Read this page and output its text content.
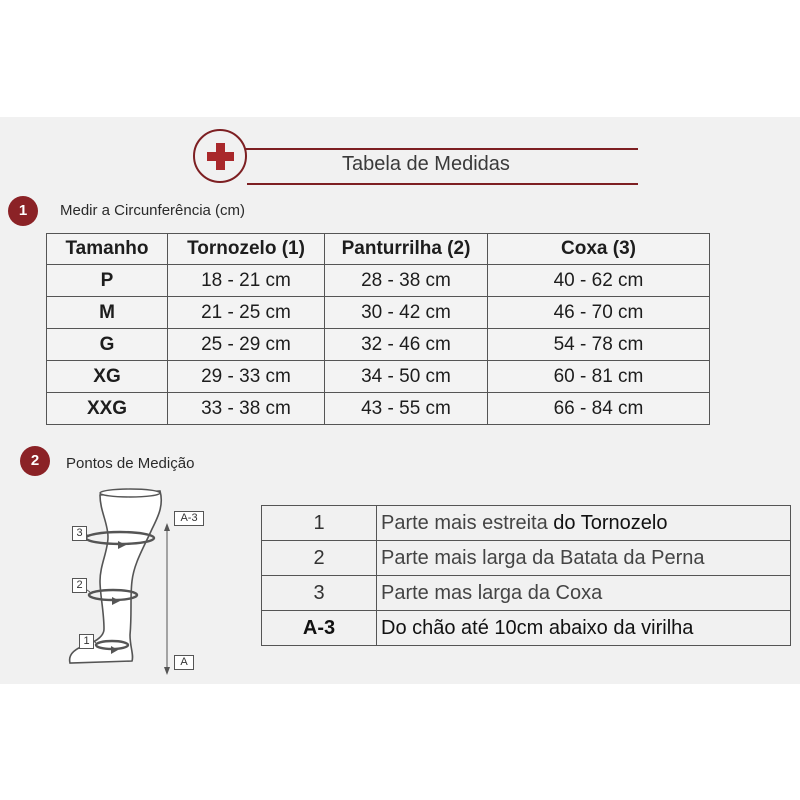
Tabela de Medidas
1	Medir a Circunferência (cm)
Tamanho	Tornozelo (1)	Panturrilha (2)	Coxa (3)
P	18 - 21 cm	28 - 38 cm	40 - 62 cm
M	21 - 25 cm	30 - 42 cm	46 - 70 cm
G	25 - 29 cm	32 - 46 cm	54 - 78 cm
XG	29 - 33 cm	34 - 50 cm	60 - 81 cm
XXG	33 - 38 cm	43 - 55 cm	66 - 84 cm
2	Pontos de Medição
3
2
1
A-3
A
1	Parte mais estreita do Tornozelo
2	Parte mais larga da Batata da Perna
3	Parte mas larga da Coxa
A-3	Do chão até 10cm abaixo da virilha
